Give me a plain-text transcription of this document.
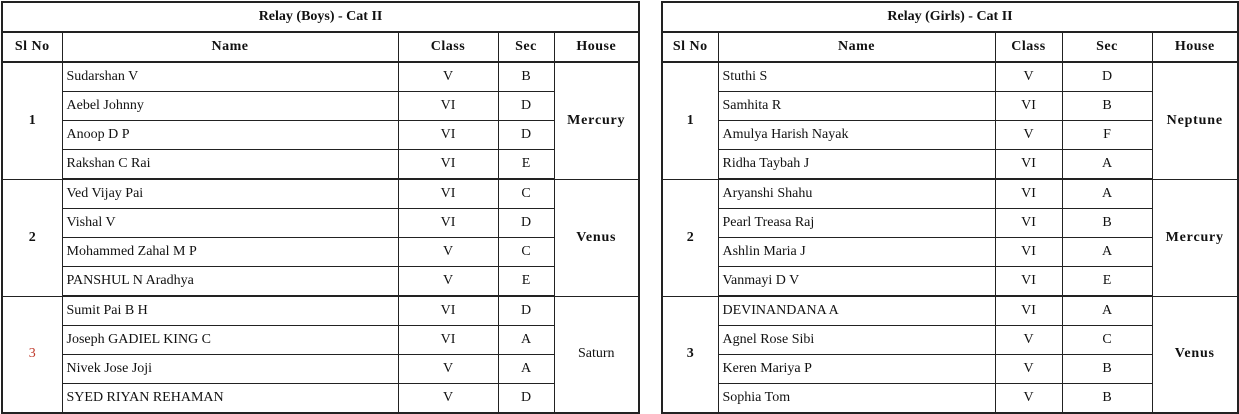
Relay (Boys) - Cat II				
Sl No	Name	Class	Sec	House
1	Sudarshan V	V	B	Mercury
	Aebel Johnny	VI	D	
	Anoop D P	VI	D	
	Rakshan C Rai	VI	E	
2	Ved Vijay Pai	VI	C	Venus
	Vishal V	VI	D	
	Mohammed Zahal M P	V	C	
	PANSHUL N Aradhya	V	E	
3	Sumit Pai B H	VI	D	Saturn
	Joseph GADIEL KING C	VI	A	
	Nivek Jose Joji	V	A	
	SYED RIYAN REHAMAN	V	D	
Relay (Girls) - Cat II				
Sl No	Name	Class	Sec	House
1	Stuthi S	V	D	Neptune
	Samhita R	VI	B	
	Amulya Harish Nayak	V	F	
	Ridha Taybah J	VI	A	
2	Aryanshi Shahu	VI	A	Mercury
	Pearl Treasa Raj	VI	B	
	Ashlin Maria J	VI	A	
	Vanmayi D V	VI	E	
3	DEVINANDANA A	VI	A	Venus
	Agnel Rose Sibi	V	C	
	Keren Mariya P	V	B	
	Sophia Tom	V	B	
